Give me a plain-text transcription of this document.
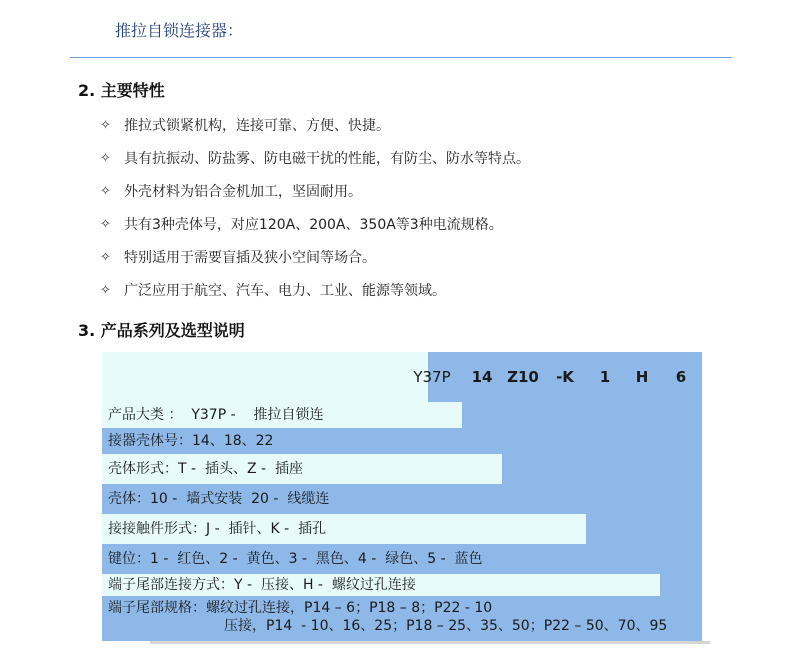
推拉自锁连接器：
2. 主要特性
✧ 推拉式锁紧机构，连接可靠、方便、快捷。
✧ 具有抗振动、防盐雾、防电磁干扰的性能，有防尘、防水等特点。
✧ 外壳材料为铝合金机加工，坚固耐用。
✧ 共有3种壳体号，对应120A、200A、350A等3种电流规格。
✧ 特别适用于需要盲插及狭小空间等场合。
✧ 广泛应用于航空、汽车、电力、工业、能源等领域。
3. 产品系列及选型说明
Y37P	14 Z10	-K	1	H	6
产品大类 ：  Y37P -    推拉自锁连
接器壳体号：14、18、22
壳体形式：T -  插头、Z -  插座
壳体：10 -  墙式安装  20 -  线缆连
接接触件形式：J -  插针、K -  插孔
键位：1 -  红色、2 -  黄色、3 -  黑色、4 -  绿色、5 -  蓝色
端子尾部连接方式：Y -  压接、H -  螺纹过孔连接
端子尾部规格：螺纹过孔连接，P14 – 6；P18 – 8；P22 - 10
压接，P14  - 10、16、25；P18 – 25、35、50；P22 – 50、70、95
